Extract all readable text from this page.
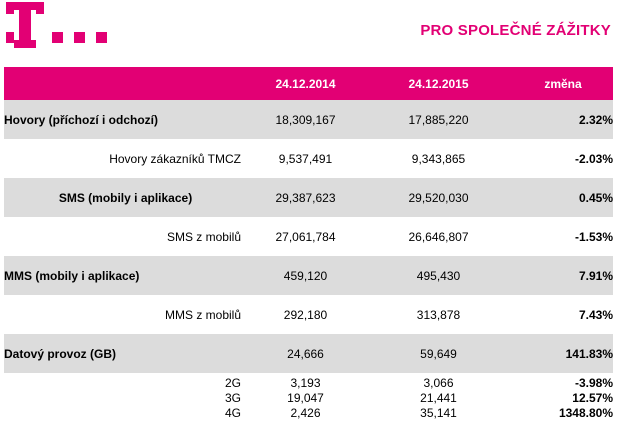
PRO SPOLEČNÉ ZÁŽITKY
	24.12.2014	24.12.2015	změna
Hovory (příchozí i odchozí)	18,309,167	17,885,220	2.32%
Hovory zákazníků TMCZ	9,537,491	9,343,865	-2.03%
SMS (mobily i aplikace)	29,387,623	29,520,030	0.45%
SMS z mobilů	27,061,784	26,646,807	-1.53%
MMS (mobily i aplikace)	459,120	495,430	7.91%
MMS z mobilů	292,180	313,878	7.43%
Datový provoz (GB)	24,666	59,649	141.83%

2G	3,193	3,066	-3.98%
3G	19,047	21,441	12.57%
4G	2,426	35,141	1348.80%
